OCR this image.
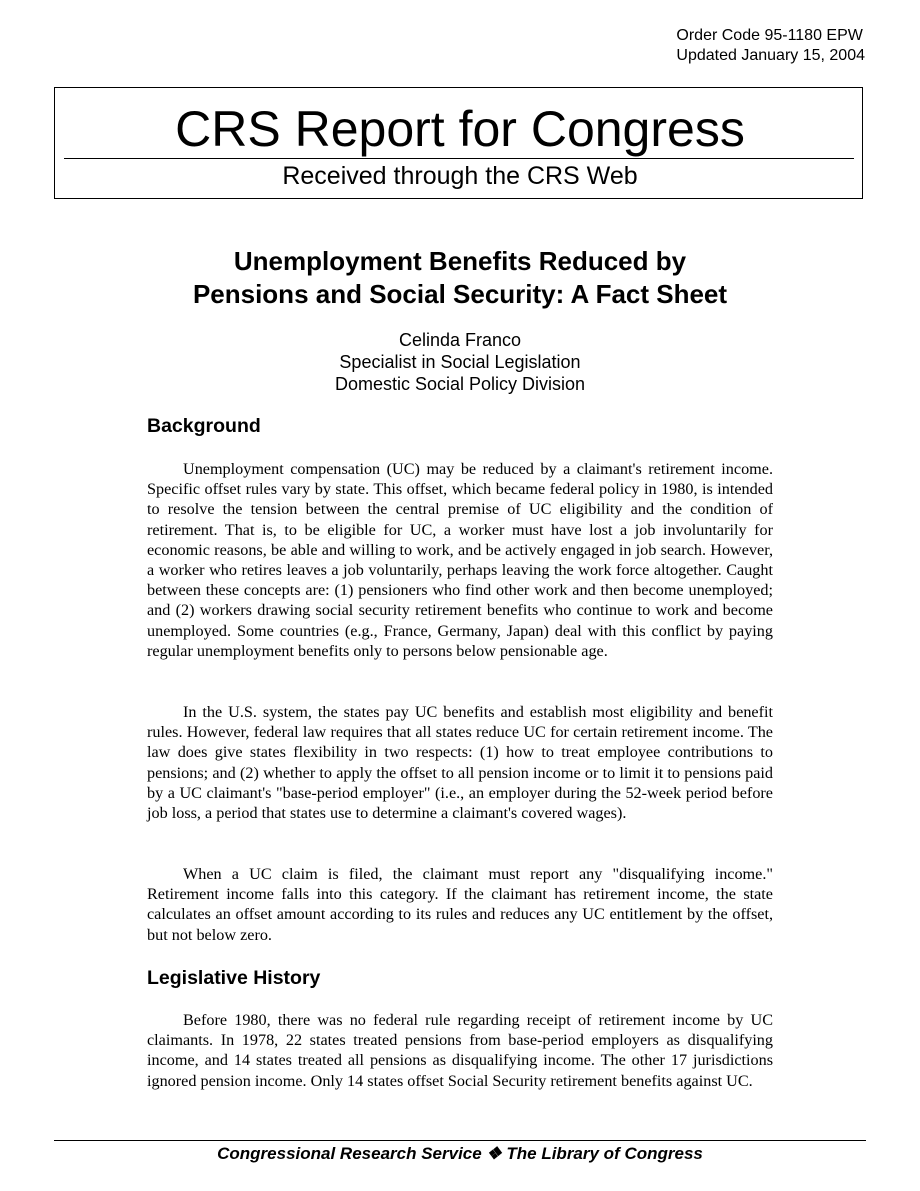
Order Code 95-1180 EPW
Updated January 15, 2004
CRS Report for Congress
Received through the CRS Web
Unemployment Benefits Reduced by
Pensions and Social Security: A Fact Sheet
Celinda Franco
Specialist in Social Legislation
Domestic Social Policy Division
Background

Unemployment compensation (UC) may be reduced by a claimant's retirement income. Specific offset rules vary by state. This offset, which became federal policy in 1980, is intended to resolve the tension between the central premise of UC eligibility and the condition of retirement. That is, to be eligible for UC, a worker must have lost a job involuntarily for economic reasons, be able and willing to work, and be actively engaged in job search. However, a worker who retires leaves a job voluntarily, perhaps leaving the work force altogether. Caught between these concepts are: (1) pensioners who find other work and then become unemployed; and (2) workers drawing social security retirement benefits who continue to work and become unemployed. Some countries (e.g., France, Germany, Japan) deal with this conflict by paying regular unemployment benefits only to persons below pensionable age.

In the U.S. system, the states pay UC benefits and establish most eligibility and benefit rules. However, federal law requires that all states reduce UC for certain retirement income. The law does give states flexibility in two respects: (1) how to treat employee contributions to pensions; and (2) whether to apply the offset to all pension income or to limit it to pensions paid by a UC claimant's "base-period employer" (i.e., an employer during the 52-week period before job loss, a period that states use to determine a claimant's covered wages).

When a UC claim is filed, the claimant must report any "disqualifying income." Retirement income falls into this category. If the claimant has retirement income, the state calculates an offset amount according to its rules and reduces any UC entitlement by the offset, but not below zero.

Legislative History

Before 1980, there was no federal rule regarding receipt of retirement income by UC claimants. In 1978, 22 states treated pensions from base-period employers as disqualifying income, and 14 states treated all pensions as disqualifying income. The other 17 jurisdictions ignored pension income. Only 14 states offset Social Security retirement benefits against UC.

Congressional Research Service ❖ The Library of Congress
